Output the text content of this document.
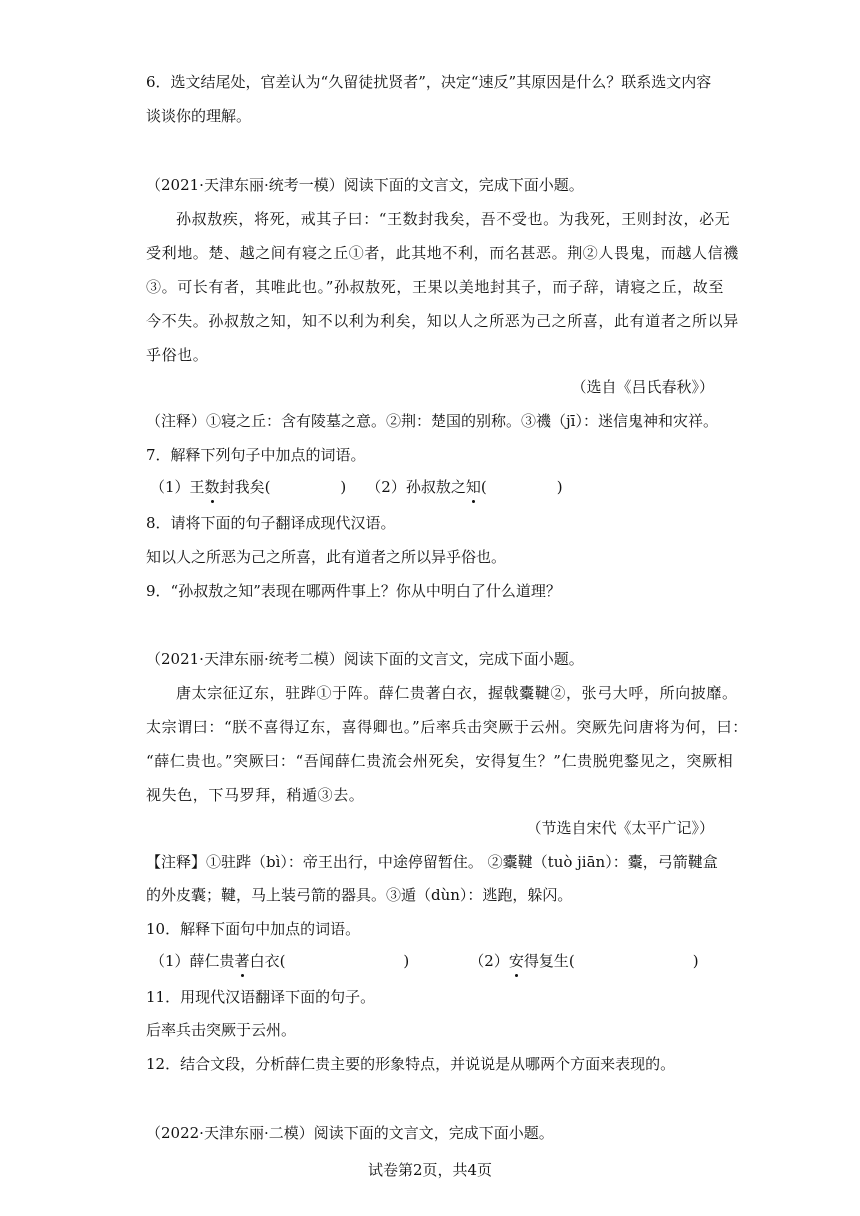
6．选文结尾处，官差认为“久留徒扰贤者”，决定“速反”其原因是什么？联系选文内容
谈谈你的理解。
（2021·天津东丽·统考一模）阅读下面的文言文，完成下面小题。
孙叔敖疾，将死，戒其子曰：“王数封我矣，吾不受也。为我死，王则封汝，必无
受利地。楚、越之间有寝之丘①者，此其地不利，而名甚恶。荆②人畏鬼，而越人信禨
③。可长有者，其唯此也。”孙叔敖死，王果以美地封其子，而子辞，请寝之丘，故至
今不失。孙叔敖之知，知不以利为利矣，知以人之所恶为己之所喜，此有道者之所以异
乎俗也。
（选自《吕氏春秋》）
（注释）①寝之丘：含有陵墓之意。②荆：楚国的别称。③禨（jī）：迷信鬼神和灾祥。
7．解释下列句子中加点的词语。
（1）王数封我矣(	) （2）孙叔敖之知(	)
8．请将下面的句子翻译成现代汉语。
知以人之所恶为己之所喜，此有道者之所以异乎俗也。
9．“孙叔敖之知”表现在哪两件事上？你从中明白了什么道理？
（2021·天津东丽·统考二模）阅读下面的文言文，完成下面小题。
唐太宗征辽东，驻跸①于阵。薛仁贵著白衣，握戟櫜鞬②，张弓大呼，所向披靡。
太宗谓曰：“朕不喜得辽东，喜得卿也。”后率兵击突厥于云州。突厥先问唐将为何，曰：
“薛仁贵也。”突厥曰：“吾闻薛仁贵流会州死矣，安得复生？”仁贵脱兜鍪见之，突厥相
视失色，下马罗拜，稍遁③去。
（节选自宋代《太平广记》）
【注释】①驻跸（bì）：帝王出行，中途停留暂住。 ②櫜鞬（tuò jiān）：櫜，弓箭鞬盒
的外皮囊；鞬，马上装弓箭的器具。③遁（dùn）：逃跑，躲闪。
10．解释下面句中加点的词语。
（1）薛仁贵著白衣(	)	（2）安得复生(	)
11．用现代汉语翻译下面的句子。
后率兵击突厥于云州。
12．结合文段，分析薛仁贵主要的形象特点，并说说是从哪两个方面来表现的。
（2022·天津东丽·二模）阅读下面的文言文，完成下面小题。
试卷第2页，共4页
